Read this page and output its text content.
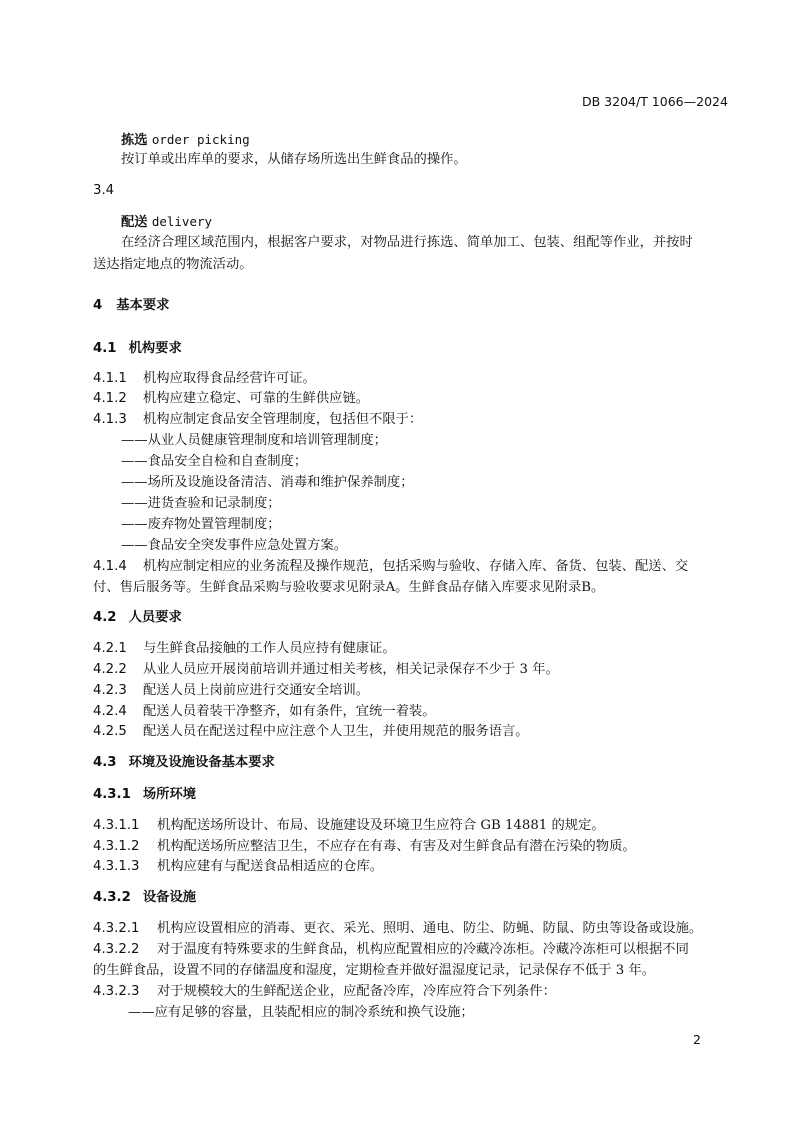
DB 3204/T 1066—2024
拣选 order picking
按订单或出库单的要求，从储存场所选出生鲜食品的操作。
3.4
配送 delivery
在经济合理区域范围内，根据客户要求，对物品进行拣选、简单加工、包装、组配等作业，并按时
送达指定地点的物流活动。
4 基本要求
4.1 机构要求
4.1.1 机构应取得食品经营许可证。
4.1.2 机构应建立稳定、可靠的生鲜供应链。
4.1.3 机构应制定食品安全管理制度，包括但不限于：
——从业人员健康管理制度和培训管理制度；
——食品安全自检和自查制度；
——场所及设施设备清洁、消毒和维护保养制度；
——进货查验和记录制度；
——废弃物处置管理制度；
——食品安全突发事件应急处置方案。
4.1.4 机构应制定相应的业务流程及操作规范，包括采购与验收、存储入库、备货、包装、配送、交
付、售后服务等。生鲜食品采购与验收要求见附录A。生鲜食品存储入库要求见附录B。
4.2 人员要求
4.2.1 与生鲜食品接触的工作人员应持有健康证。
4.2.2 从业人员应开展岗前培训并通过相关考核，相关记录保存不少于 3 年。
4.2.3 配送人员上岗前应进行交通安全培训。
4.2.4 配送人员着装干净整齐，如有条件，宜统一着装。
4.2.5 配送人员在配送过程中应注意个人卫生，并使用规范的服务语言。
4.3 环境及设施设备基本要求
4.3.1 场所环境
4.3.1.1 机构配送场所设计、布局、设施建设及环境卫生应符合 GB 14881 的规定。
4.3.1.2 机构配送场所应整洁卫生，不应存在有毒、有害及对生鲜食品有潜在污染的物质。
4.3.1.3 机构应建有与配送食品相适应的仓库。
4.3.2 设备设施
4.3.2.1 机构应设置相应的消毒、更衣、采光、照明、通电、防尘、防蝇、防鼠、防虫等设备或设施。
4.3.2.2 对于温度有特殊要求的生鲜食品，机构应配置相应的冷藏冷冻柜。冷藏冷冻柜可以根据不同
的生鲜食品，设置不同的存储温度和湿度，定期检查并做好温湿度记录，记录保存不低于 3 年。
4.3.2.3 对于规模较大的生鲜配送企业，应配备冷库，冷库应符合下列条件：
——应有足够的容量，且装配相应的制冷系统和换气设施；
2
